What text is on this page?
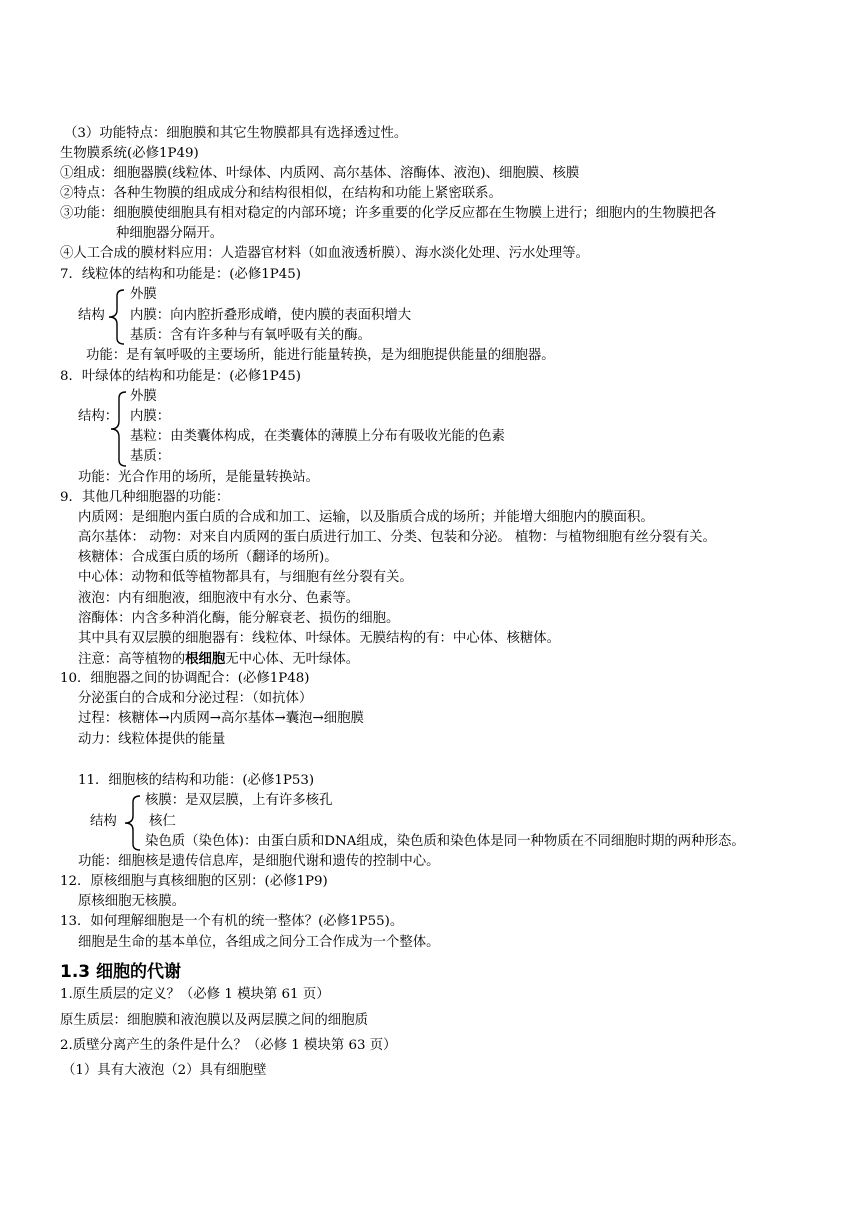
（3）功能特点：细胞膜和其它生物膜都具有选择透过性。
生物膜系统(必修1P49)
①组成：细胞器膜(线粒体、叶绿体、内质网、高尔基体、溶酶体、液泡)、细胞膜、核膜
②特点：各种生物膜的组成成分和结构很相似，在结构和功能上紧密联系。
③功能：细胞膜使细胞具有相对稳定的内部环境；许多重要的化学反应都在生物膜上进行；细胞内的生物膜把各
种细胞器分隔开。
④人工合成的膜材料应用：人造器官材料（如血液透析膜）、海水淡化处理、污水处理等。
7．线粒体的结构和功能是：(必修1P45)
外膜
结构 内膜：向内腔折叠形成嵴，使内膜的表面积增大
基质：含有许多种与有氧呼吸有关的酶。
功能：是有氧呼吸的主要场所，能进行能量转换，是为细胞提供能量的细胞器。
8．叶绿体的结构和功能是：(必修1P45)
外膜
结构： 内膜：
基粒：由类囊体构成，在类囊体的薄膜上分布有吸收光能的色素
基质：
功能：光合作用的场所，是能量转换站。
9．其他几种细胞器的功能：
内质网：是细胞内蛋白质的合成和加工、运输，以及脂质合成的场所；并能增大细胞内的膜面积。
高尔基体： 动物：对来自内质网的蛋白质进行加工、分类、包装和分泌。 植物：与植物细胞有丝分裂有关。
核糖体：合成蛋白质的场所（翻译的场所)。
中心体：动物和低等植物都具有，与细胞有丝分裂有关。
液泡：内有细胞液，细胞液中有水分、色素等。
溶酶体：内含多种消化酶，能分解衰老、损伤的细胞。
其中具有双层膜的细胞器有：线粒体、叶绿体。无膜结构的有：中心体、核糖体。
注意：高等植物的根细胞无中心体、无叶绿体。
10．细胞器之间的协调配合：(必修1P48)
分泌蛋白的合成和分泌过程：（如抗体）
过程：核糖体→内质网→高尔基体→囊泡→细胞膜
动力：线粒体提供的能量
11．细胞核的结构和功能：(必修1P53)
核膜：是双层膜，上有许多核孔
结构 核仁
染色质（染色体)：由蛋白质和DNA组成，染色质和染色体是同一种物质在不同细胞时期的两种形态。
功能：细胞核是遗传信息库，是细胞代谢和遗传的控制中心。
12．原核细胞与真核细胞的区别：(必修1P9)
原核细胞无核膜。
13．如何理解细胞是一个有机的统一整体？(必修1P55)。
细胞是生命的基本单位，各组成之间分工合作成为一个整体。
1.3 细胞的代谢
1.原生质层的定义？（必修 1 模块第 61 页）
原生质层：细胞膜和液泡膜以及两层膜之间的细胞质
2.质壁分离产生的条件是什么？（必修 1 模块第 63 页）
（1）具有大液泡（2）具有细胞壁
